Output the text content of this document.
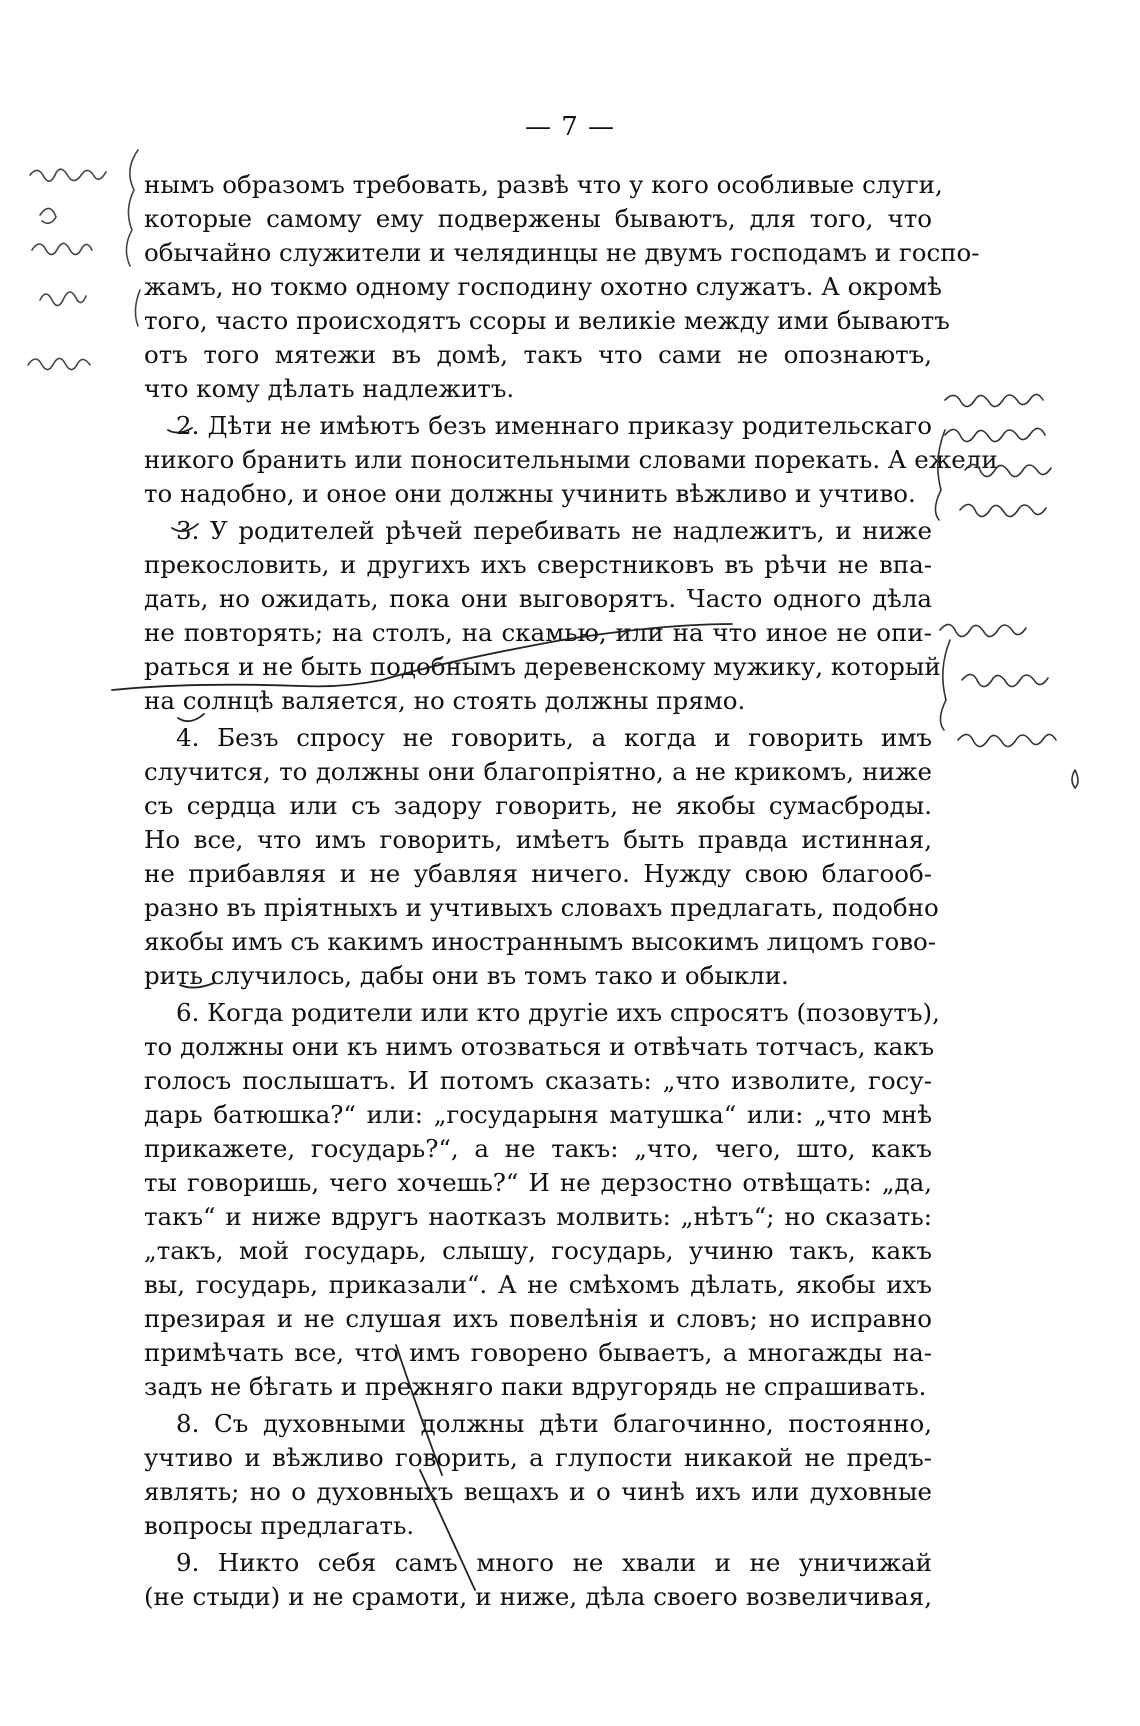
— 7 —
нымъ образомъ требовать, развѣ что у кого особливые слуги,
которые самому ему подвержены бываютъ, для того, что
обычайно служители и челядинцы не двумъ господамъ и госпо-
жамъ, но токмо одному господину охотно служатъ. А окромѣ
того, часто происходятъ ссоры и великіе между ими бываютъ
отъ того мятежи въ домѣ, такъ что сами не опознаютъ,
что кому дѣлать надлежитъ.
2. Дѣти не имѣютъ безъ именнаго приказу родительскаго
никого бранить или поносительными словами порекать. А ежели
то надобно, и оное они должны учинить вѣжливо и учтиво.
3. У родителей рѣчей перебивать не надлежитъ, и ниже
прекословить, и другихъ ихъ сверстниковъ въ рѣчи не впа-
дать, но ожидать, пока они выговорятъ. Часто одного дѣла
не повторять; на столъ, на скамью, или на что иное не опи-
раться и не быть подобнымъ деревенскому мужику, который
на солнцѣ валяется, но стоять должны прямо.
4. Безъ спросу не говорить, а когда и говорить имъ
случится, то должны они благопріятно, а не крикомъ, ниже
съ сердца или съ задору говорить, не якобы сумасброды.
Но все, что имъ говорить, имѣетъ быть правда истинная,
не прибавляя и не убавляя ничего. Нужду свою благооб-
разно въ пріятныхъ и учтивыхъ словахъ предлагать, подобно
якобы имъ съ какимъ иностраннымъ высокимъ лицомъ гово-
рить случилось, дабы они въ томъ тако и обыкли.
6. Когда родители или кто другіе ихъ спросятъ (позовутъ),
то должны они къ нимъ отозваться и отвѣчать тотчасъ, какъ
голосъ послышатъ. И потомъ сказать: „что изволите, госу-
дарь батюшка?“ или: „государыня матушка“ или: „что мнѣ
прикажете, государь?“, а не такъ: „что, чего, што, какъ
ты говоришь, чего хочешь?“ И не дерзостно отвѣщать: „да,
такъ“ и ниже вдругъ наотказъ молвить: „нѣтъ“; но сказать:
„такъ, мой государь, слышу, государь, учиню такъ, какъ
вы, государь, приказали“. А не смѣхомъ дѣлать, якобы ихъ
презирая и не слушая ихъ повелѣнія и словъ; но исправно
примѣчать все, что имъ говорено бываетъ, а многажды на-
задъ не бѣгать и прежняго паки вдругорядь не спрашивать.
8. Съ духовными должны дѣти благочинно, постоянно,
учтиво и вѣжливо говорить, а глупости никакой не предъ-
являть; но о духовныхъ вещахъ и о чинѣ ихъ или духовные
вопросы предлагать.
9. Никто себя самъ много не хвали и не уничижай
(не стыди) и не срамоти, и ниже, дѣла своего возвеличивая,
